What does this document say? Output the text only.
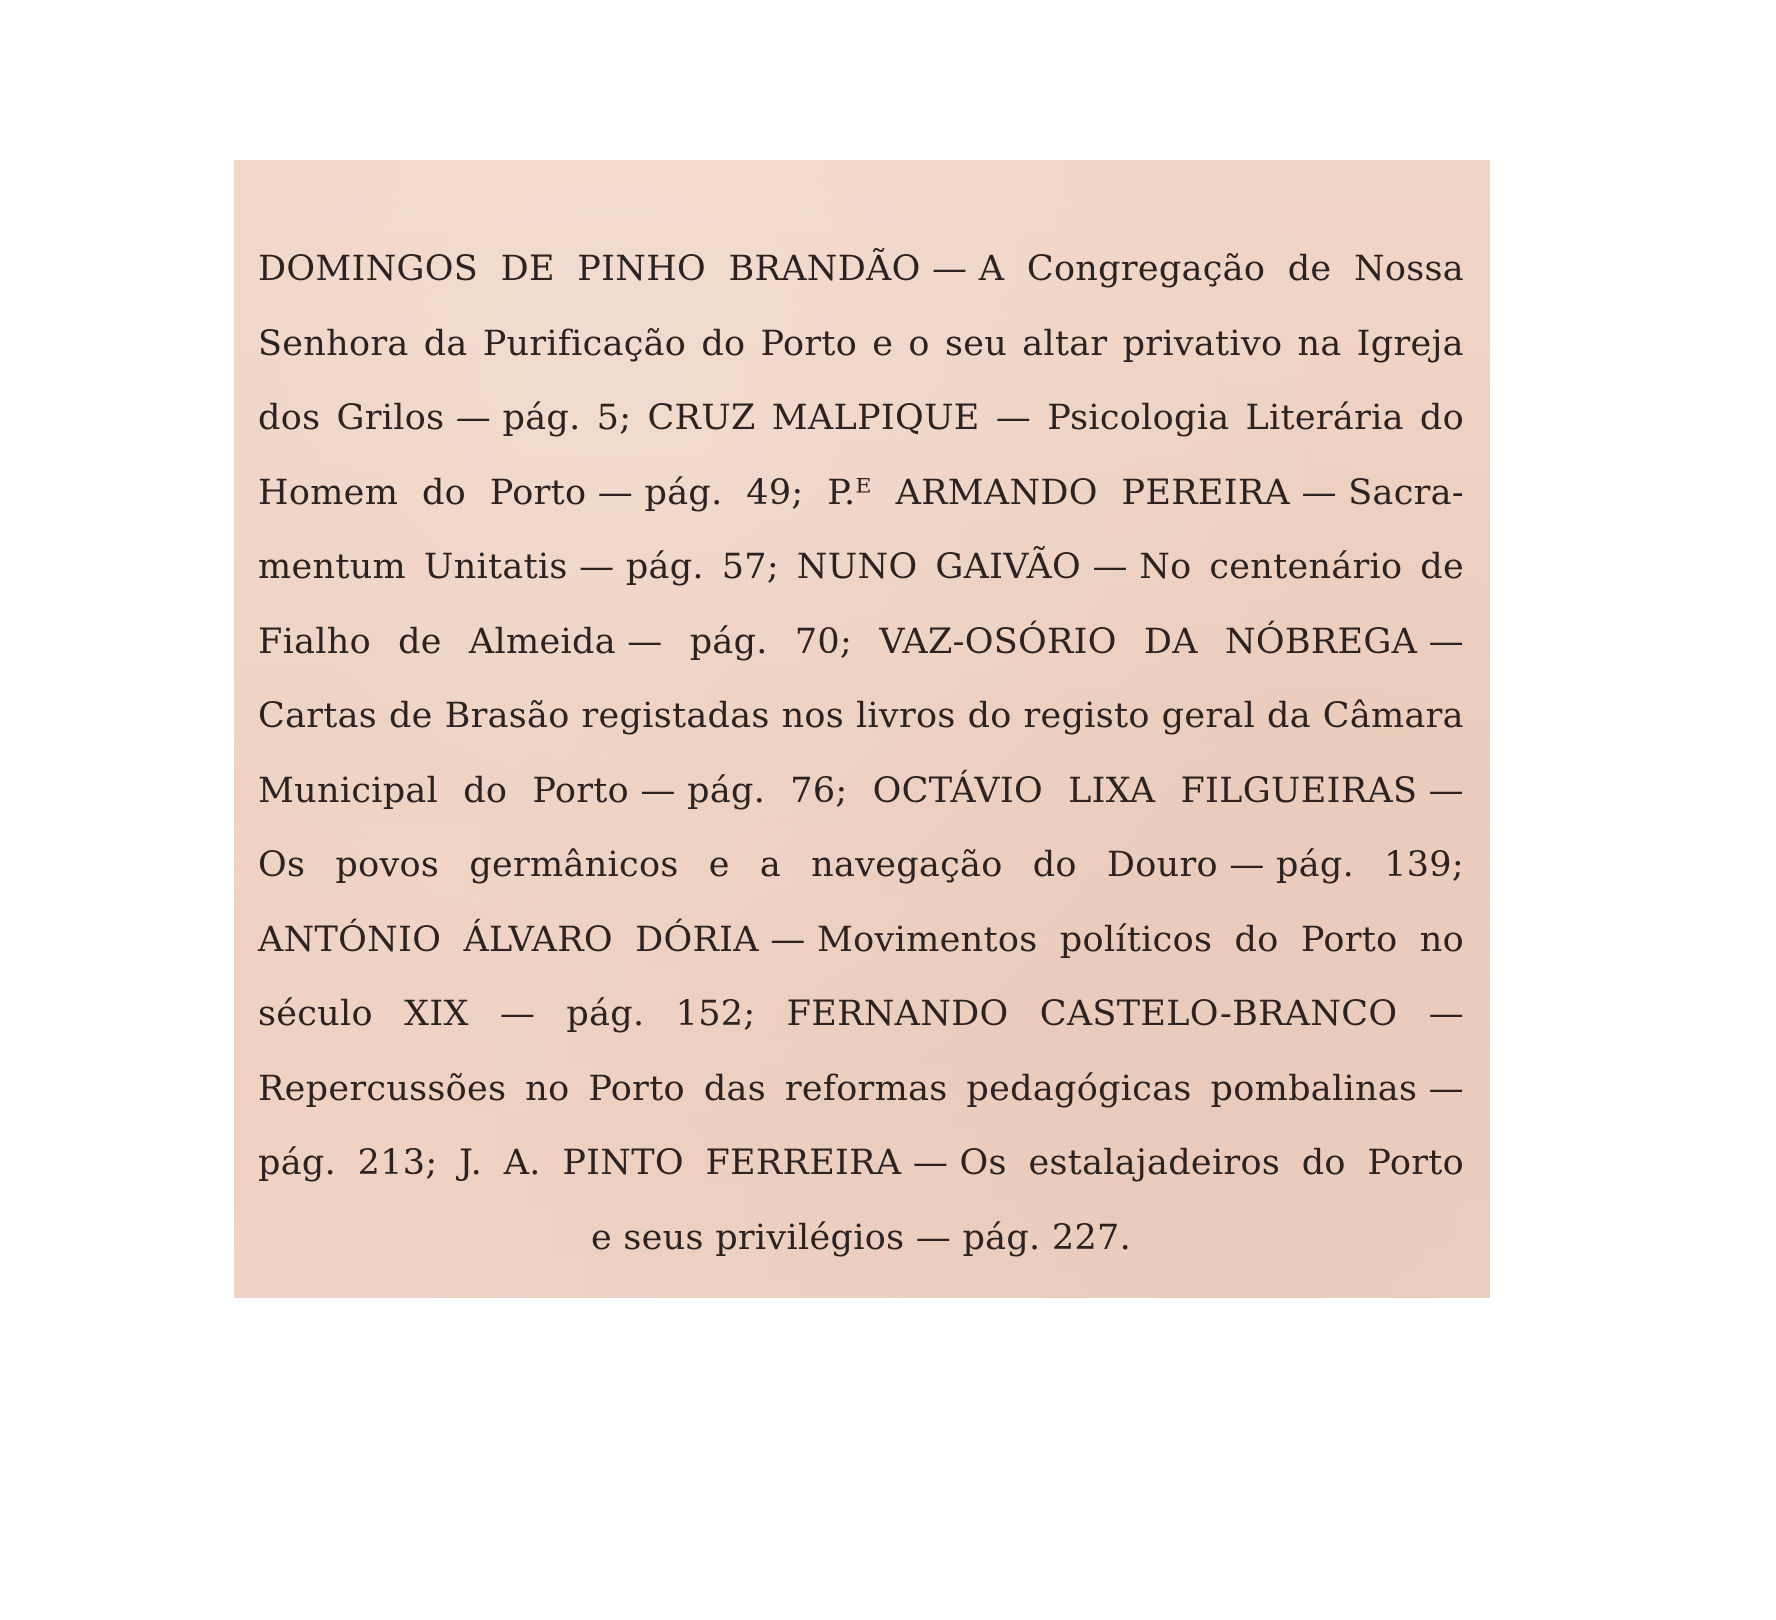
DOMINGOS DE PINHO BRANDÃO — A Congregação de Nossa
Senhora da Purificação do Porto e o seu altar privativo na Igreja
dos Grilos — pág. 5; CRUZ MALPIQUE — Psicologia Literária do
Homem do Porto — pág. 49; P.ᴱ ARMANDO PEREIRA — Sacra-
mentum Unitatis — pág. 57; NUNO GAIVÃO — No centenário de
Fialho de Almeida — pág. 70; VAZ-OSÓRIO DA NÓBREGA —
Cartas de Brasão registadas nos livros do registo geral da Câmara
Municipal do Porto — pág. 76; OCTÁVIO LIXA FILGUEIRAS —
Os povos germânicos e a navegação do Douro — pág. 139;
ANTÓNIO ÁLVARO DÓRIA — Movimentos políticos do Porto no
século XIX — pág. 152; FERNANDO CASTELO-BRANCO —
Repercussões no Porto das reformas pedagógicas pombalinas —
pág. 213; J. A. PINTO FERREIRA — Os estalajadeiros do Porto
e seus privilégios — pág. 227.
